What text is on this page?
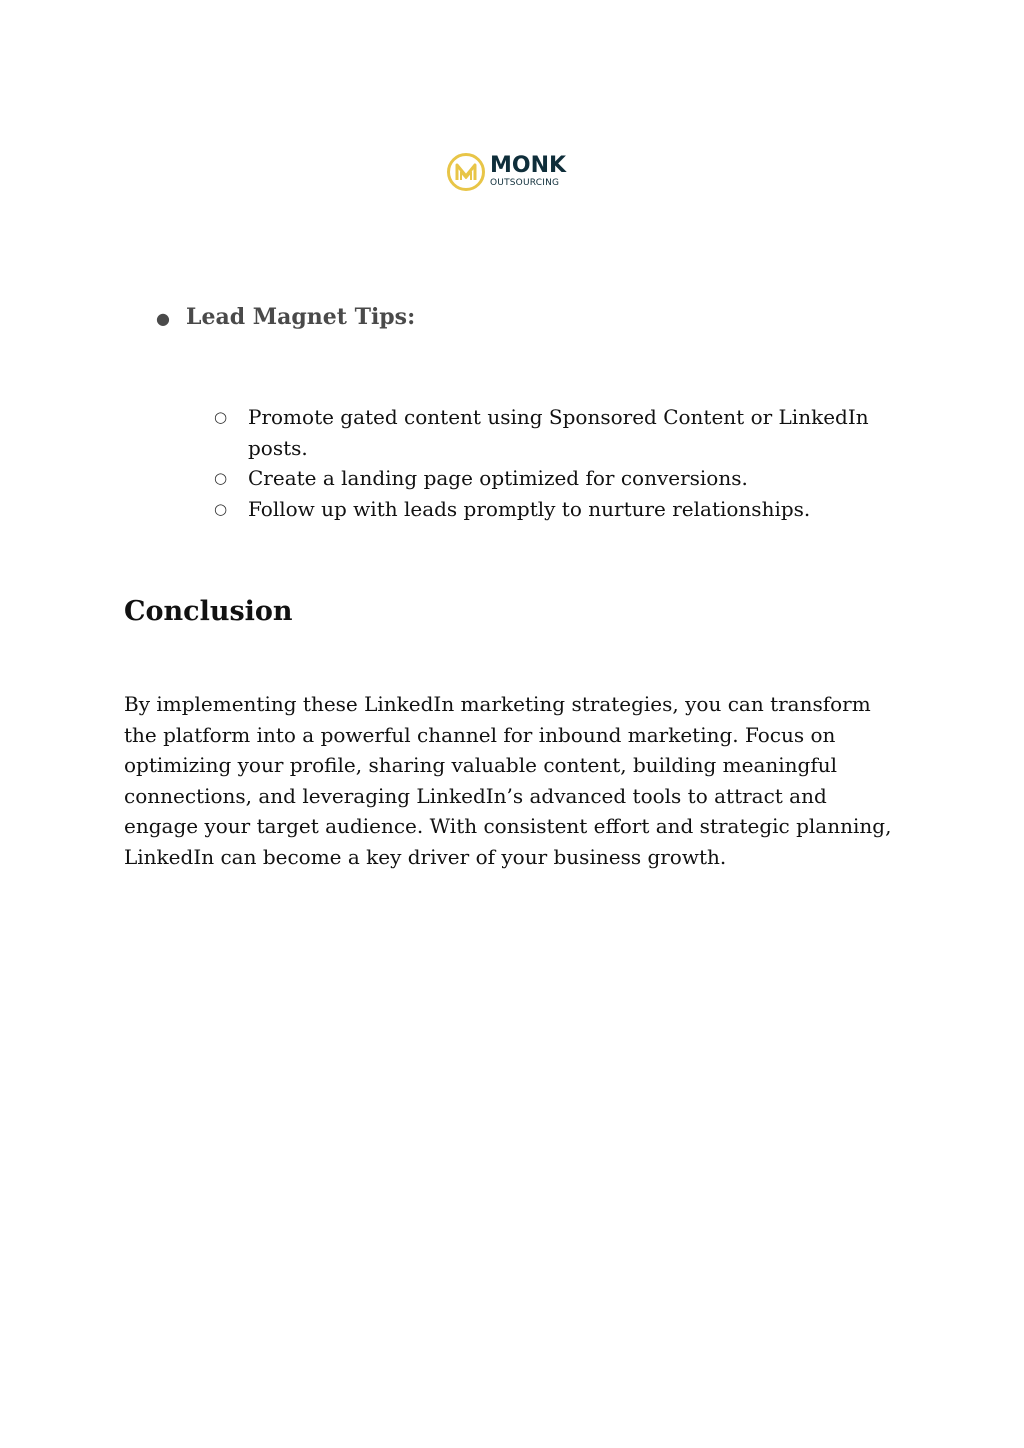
MONK
OUTSOURCING
● Lead Magnet Tips:
○	Promote gated content using Sponsored Content or LinkedIn posts.
○	Create a landing page optimized for conversions.
○	Follow up with leads promptly to nurture relationships.
Conclusion

By implementing these LinkedIn marketing strategies, you can transform the platform into a powerful channel for inbound marketing. Focus on optimizing your profile, sharing valuable content, building meaningful connections, and leveraging LinkedIn’s advanced tools to attract and engage your target audience. With consistent effort and strategic planning, LinkedIn can become a key driver of your business growth.
